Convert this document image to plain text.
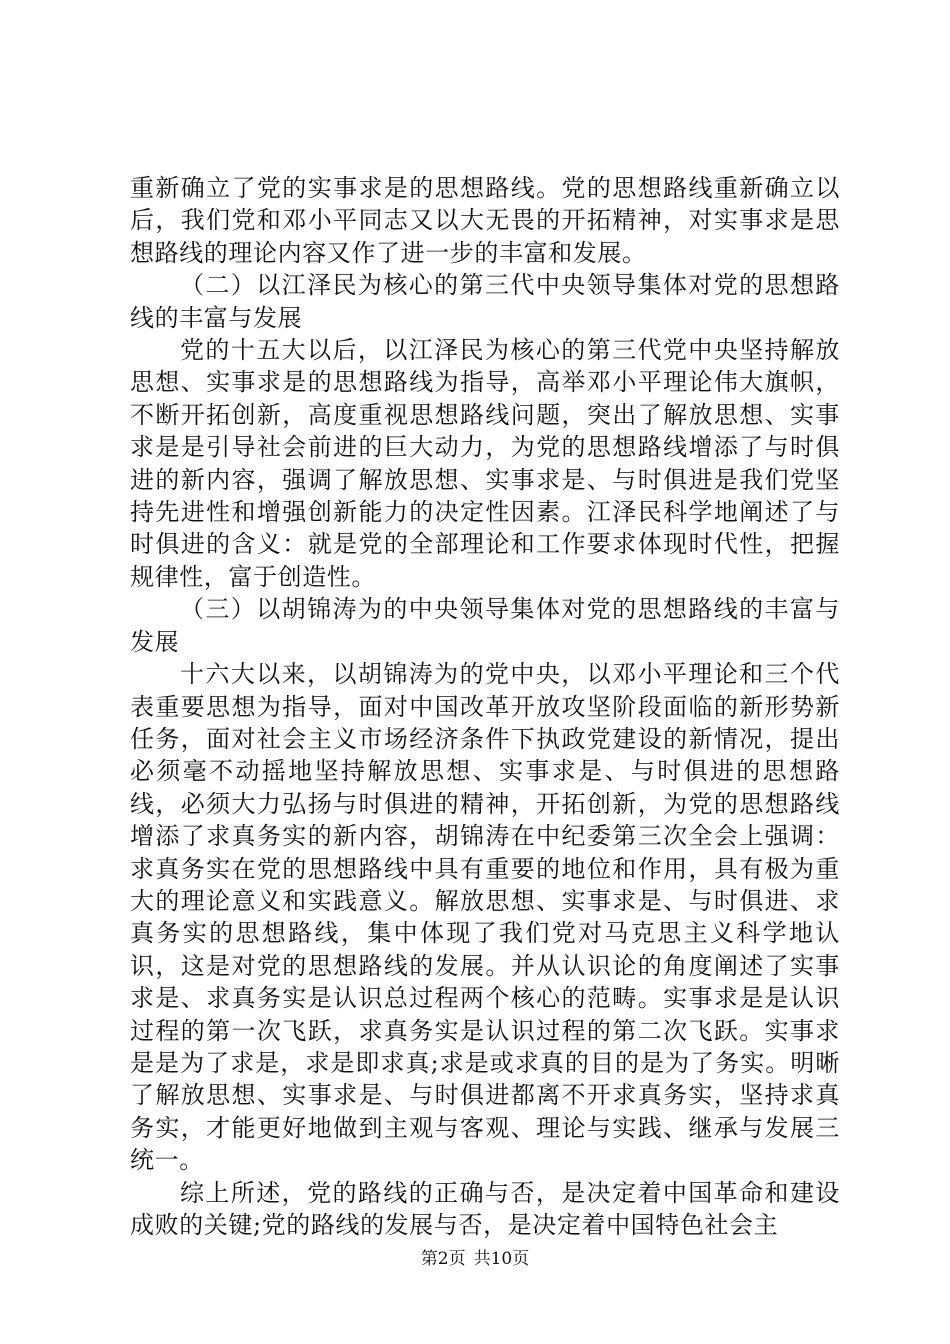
重新确立了党的实事求是的思想路线。党的思想路线重新确立以后，我们党和邓小平同志又以大无畏的开拓精神，对实事求是思想路线的理论内容又作了进一步的丰富和发展。

（二）以江泽民为核心的第三代中央领导集体对党的思想路线的丰富与发展

党的十五大以后，以江泽民为核心的第三代党中央坚持解放思想、实事求是的思想路线为指导，高举邓小平理论伟大旗帜，不断开拓创新，高度重视思想路线问题，突出了解放思想、实事求是是引导社会前进的巨大动力，为党的思想路线增添了与时俱进的新内容，强调了解放思想、实事求是、与时俱进是我们党坚持先进性和增强创新能力的决定性因素。江泽民科学地阐述了与时俱进的含义：就是党的全部理论和工作要求体现时代性，把握规律性，富于创造性。

（三）以胡锦涛为的中央领导集体对党的思想路线的丰富与发展

十六大以来，以胡锦涛为的党中央，以邓小平理论和三个代表重要思想为指导，面对中国改革开放攻坚阶段面临的新形势新任务，面对社会主义市场经济条件下执政党建设的新情况，提出必须毫不动摇地坚持解放思想、实事求是、与时俱进的思想路线，必须大力弘扬与时俱进的精神，开拓创新，为党的思想路线增添了求真务实的新内容，胡锦涛在中纪委第三次全会上强调：求真务实在党的思想路线中具有重要的地位和作用，具有极为重大的理论意义和实践意义。解放思想、实事求是、与时俱进、求真务实的思想路线，集中体现了我们党对马克思主义科学地认识，这是对党的思想路线的发展。并从认识论的角度阐述了实事求是、求真务实是认识总过程两个核心的范畴。实事求是是认识过程的第一次飞跃，求真务实是认识过程的第二次飞跃。实事求是是为了求是，求是即求真;求是或求真的目的是为了务实。明晰了解放思想、实事求是、与时俱进都离不开求真务实，坚持求真务实，才能更好地做到主观与客观、理论与实践、继承与发展三统一。

综上所述，党的路线的正确与否，是决定着中国革命和建设成败的关键;党的路线的发展与否，是决定着中国特色社会主

第2页 共10页
